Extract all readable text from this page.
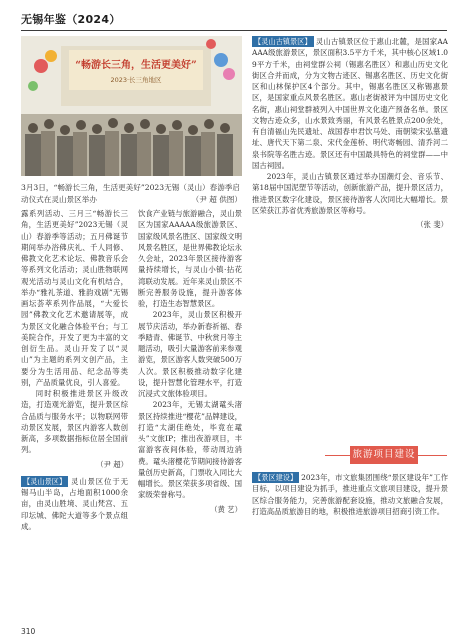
无锡年鉴（2024）
“畅游长三角，生活更美好”
2023·长三角地区
3月3日，“畅游长三角，生活更美好”2023无锡（灵山）春游季启动仪式在灵山景区举办	（尹 超 供图）

露系列活动、三月三“畅游长三角，生活更美好”2023无锡（灵山）春游季等活动；五月佛诞节期间举办浴佛庆礼、千人同修、佛教文化艺术论坛、佛教音乐会等系列文化活动；灵山胜物联网观光活动与灵山文化有机结合，举办“雅礼茶道、雅韵戏剧”无锡画坛荟萃系列作品展，“大爱长园”佛教文化艺术邀请展等，成为景区文化融合体验平台；与工美院合作，开发了更为丰富的文创衍生品。灵山开发了以“灵山”为主题的系列文创产品，主要分为生活用品、纪念品等类别，产品质量优良，引人喜爱。

同时积极推进景区升级改造，打造观光游览，提升景区综合品质与服务水平；以物联网带动景区发展，景区内游客人数创新高，多项数据指标位居全国前列。

（尹 超）

【灵山景区】 灵山景区位于无锡马山半岛，占地面积1000余亩，由灵山胜境、灵山梵宫、五印坛城、佛陀大道等多个景点组成。

饮食产业链与旅游融合，灵山景区为国家AAAAA级旅游景区、国家级风景名胜区、国家级文明风景名胜区，是世界佛教论坛永久会址，2023年景区接待游客量持续增长，与灵山小镇·拈花湾联动发展。近年来灵山景区不断完善服务设施，提升游客体验，打造生态智慧景区。

2023年，灵山景区积极开展节庆活动，举办新春祈福、春季踏青、佛诞节、中秋赏月等主题活动，吸引大量游客前来参观游览，景区游客人数突破500万人次。景区积极推动数字化建设，提升智慧化管理水平，打造沉浸式文旅体验项目。

2023年，无锡太湖鼋头渚景区持续推进“樱花”品牌建设，打造“太湖佳绝处，毕竟在鼋头”文旅IP；推出夜游项目，丰富游客夜间体验，带动周边消费。鼋头渚樱花节期间接待游客量创历史新高，门票收入同比大幅增长。景区荣获多项省级、国家级荣誉称号。

（黄 艺）

【灵山古镇景区】 灵山古镇景区位于惠山北麓，是国家AAAAA级旅游景区，景区面积3.5平方千米，其中核心区域1.09平方千米，由祠堂群公祠（锡惠名胜区）和惠山历史文化街区合并而成，分为文物古迹区、锡惠名胜区、历史文化街区和山林保护区4个部分。其中，锡惠名胜区又称锡惠景区，是国家重点风景名胜区。惠山老街被评为中国历史文化名街，惠山祠堂群被列入中国世界文化遗产预备名单。景区文物古迹众多，山水景致秀丽，有风景名胜景点200余处，有自清福山先民遗址、战国春申君饮马处、南朝梁宋弘墓遗址、唐代天下第二泉、宋代金莲桥、明代寄畅园、清乔河二泉书院等名胜古迹。景区还有中国最具特色的祠堂群——中国古祠园。

2023年，灵山古镇景区通过举办国潮灯会、音乐节、第18届中国泥塑节等活动，创新旅游产品，提升景区活力，推进景区数字化建设，景区接待游客人次同比大幅增长。景区荣获江苏省优秀旅游景区等称号。

（张 斐）
旅游项目建设

【景区建设】 2023年，市文旅集团围绕“景区建设年”工作目标，以项目建设为抓手，推进重点文旅项目建设，提升景区综合服务能力，完善旅游配套设施，推动文旅融合发展，打造高品质旅游目的地，积极推进旅游项目招商引资工作。

310
